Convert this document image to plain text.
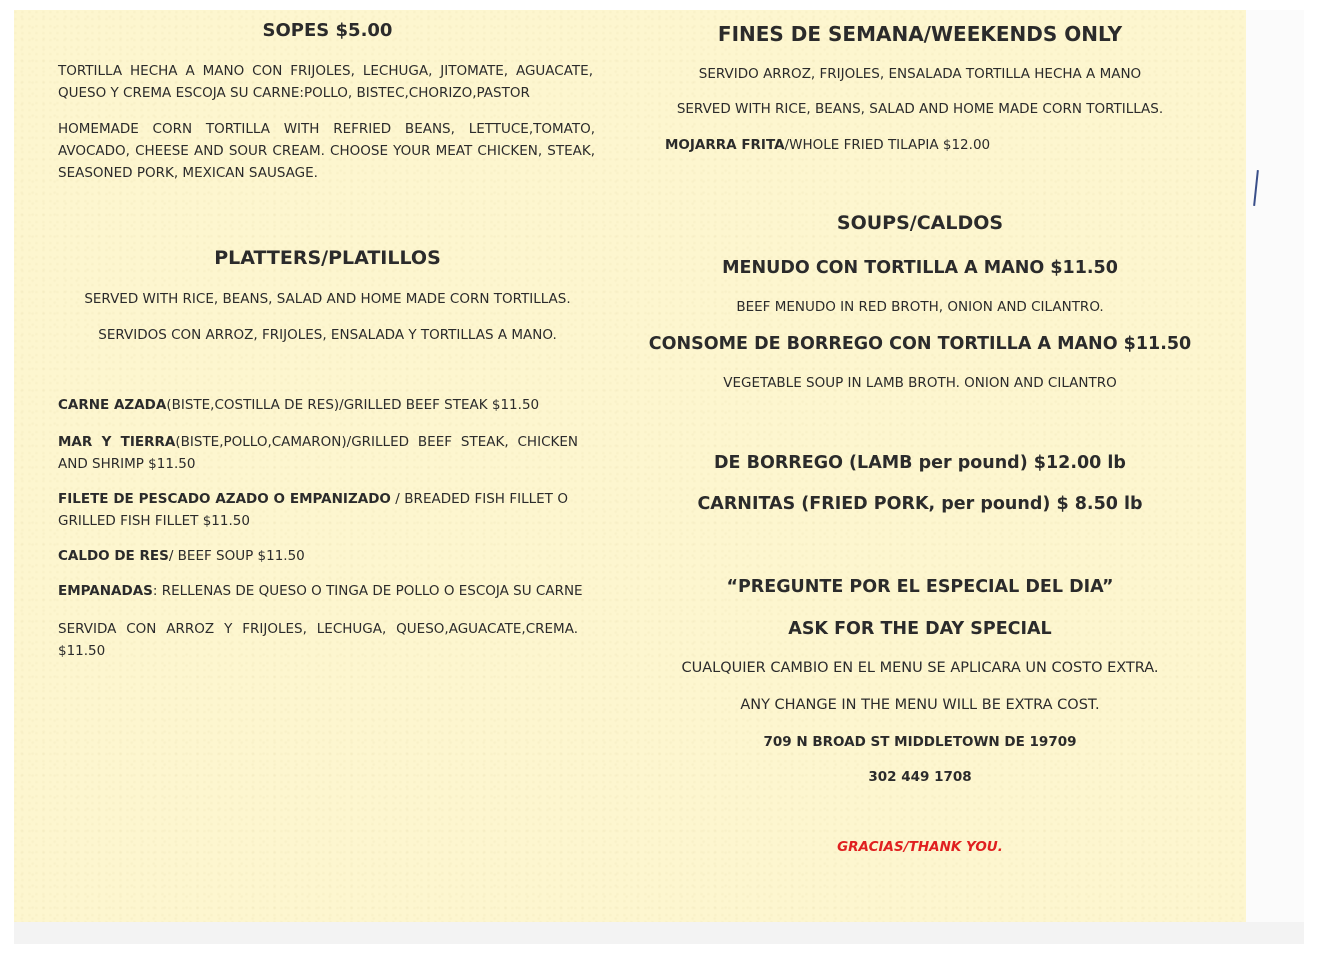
SOPES $5.00
TORTILLA HECHA A MANO CON FRIJOLES, LECHUGA, JITOMATE, AGUACATE, QUESO Y CREMA ESCOJA SU CARNE:POLLO, BISTEC,CHORIZO,PASTOR
HOMEMADE CORN TORTILLA WITH REFRIED BEANS, LETTUCE,TOMATO, AVOCADO, CHEESE AND SOUR CREAM. CHOOSE YOUR MEAT CHICKEN, STEAK, SEASONED PORK, MEXICAN SAUSAGE.
PLATTERS/PLATILLOS
SERVED WITH RICE, BEANS, SALAD AND HOME MADE CORN TORTILLAS.
SERVIDOS CON ARROZ, FRIJOLES, ENSALADA Y TORTILLAS A MANO.
CARNE AZADA(BISTE,COSTILLA DE RES)/GRILLED BEEF STEAK $11.50
MAR Y TIERRA(BISTE,POLLO,CAMARON)/GRILLED BEEF STEAK, CHICKEN AND SHRIMP $11.50
FILETE DE PESCADO AZADO O EMPANIZADO / BREADED FISH FILLET O GRILLED FISH FILLET $11.50
CALDO DE RES/ BEEF SOUP $11.50
EMPANADAS: RELLENAS DE QUESO O TINGA DE POLLO O ESCOJA SU CARNE
SERVIDA CON ARROZ Y FRIJOLES, LECHUGA, QUESO,AGUACATE,CREMA. $11.50
FINES DE SEMANA/WEEKENDS ONLY
SERVIDO ARROZ, FRIJOLES, ENSALADA TORTILLA HECHA A MANO
SERVED WITH RICE, BEANS, SALAD AND HOME MADE CORN TORTILLAS.
MOJARRA FRITA/WHOLE FRIED TILAPIA $12.00
SOUPS/CALDOS
MENUDO CON TORTILLA A MANO $11.50
BEEF MENUDO IN RED BROTH, ONION AND CILANTRO.
CONSOME DE BORREGO CON TORTILLA A MANO $11.50
VEGETABLE SOUP IN LAMB BROTH. ONION AND CILANTRO
DE BORREGO (LAMB per pound) $12.00 lb
CARNITAS (FRIED PORK, per pound) $ 8.50 lb
“PREGUNTE POR EL ESPECIAL DEL DIA”
ASK FOR THE DAY SPECIAL
CUALQUIER CAMBIO EN EL MENU SE APLICARA UN COSTO EXTRA.
ANY CHANGE IN THE MENU WILL BE EXTRA COST.
709 N BROAD ST MIDDLETOWN DE 19709
302 449 1708
GRACIAS/THANK YOU.
